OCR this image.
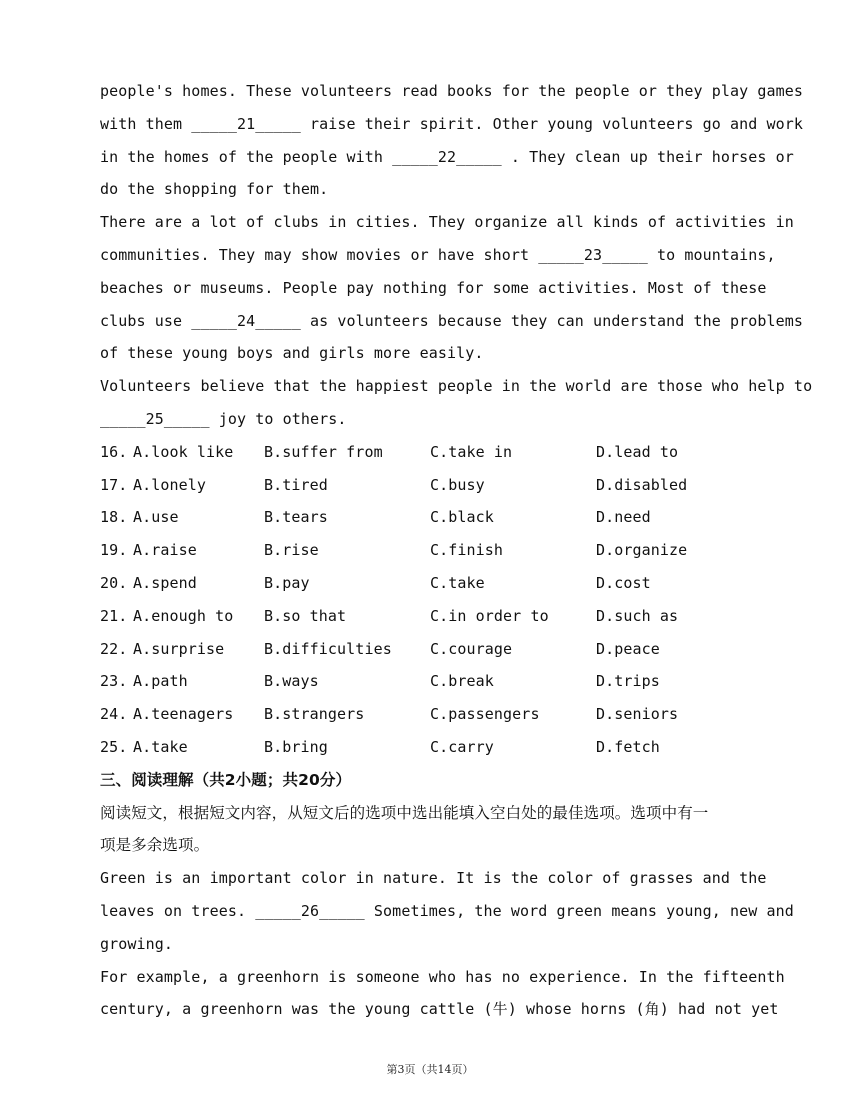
people's homes. These volunteers read books for the people or they play games
with them _____21_____ raise their spirit. Other young volunteers go and work
in the homes of the people with _____22_____ . They clean up their horses or
do the shopping for them.
There are a lot of clubs in cities. They organize all kinds of activities in
communities. They may show movies or have short _____23_____ to mountains,
beaches or museums. People pay nothing for some activities. Most of these
clubs use _____24_____ as volunteers because they can understand the problems
of these young boys and girls more easily.
Volunteers believe that the happiest people in the world are those who help to
_____25_____ joy to others.
16. A.look like	B.suffer from	C.take in	D.lead to
17. A.lonely	B.tired	C.busy	D.disabled
18. A.use	B.tears	C.black	D.need
19. A.raise	B.rise	C.finish	D.organize
20. A.spend	B.pay	C.take	D.cost
21. A.enough to	B.so that	C.in order to	D.such as
22. A.surprise	B.difficulties	C.courage	D.peace
23. A.path	B.ways	C.break	D.trips
24. A.teenagers	B.strangers	C.passengers	D.seniors
25. A.take	B.bring	C.carry	D.fetch
三、阅读理解（共2小题；共20分）
阅读短文，根据短文内容，从短文后的选项中选出能填入空白处的最佳选项。选项中有一
项是多余选项。
Green is an important color in nature. It is the color of grasses and the
leaves on trees. _____26_____ Sometimes, the word green means young, new and
growing.
For example, a greenhorn is someone who has no experience. In the fifteenth
century, a greenhorn was the young cattle (牛) whose horns (角) had not yet
第3页（共14页）
